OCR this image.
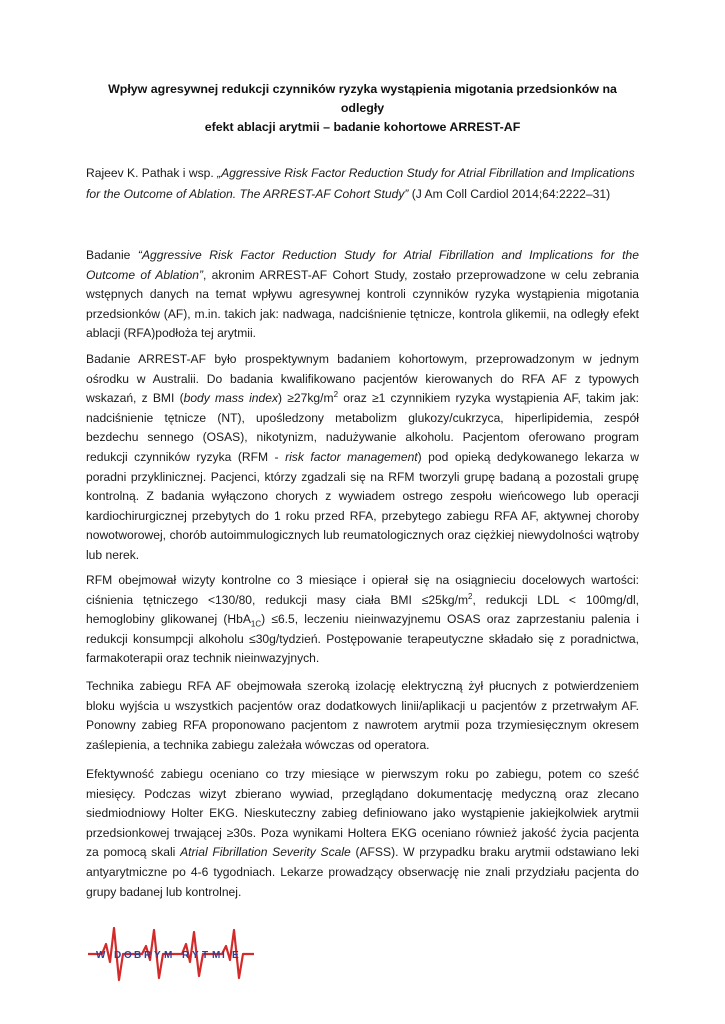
Wpływ agresywnej redukcji czynników ryzyka wystąpienia migotania przedsionków na odległy
efekt ablacji arytmii – badanie kohortowe ARREST-AF
Rajeev K. Pathak i wsp. „Aggressive Risk Factor Reduction Study for Atrial Fibrillation and Implications for the Outcome of Ablation. The ARREST-AF Cohort Study” (J Am Coll Cardiol 2014;64:2222–31)
Badanie “Aggressive Risk Factor Reduction Study for Atrial Fibrillation and Implications for the Outcome of Ablation”, akronim ARREST-AF Cohort Study, zostało przeprowadzone w celu zebrania wstępnych danych na temat wpływu agresywnej kontroli czynników ryzyka wystąpienia migotania przedsionków (AF), m.in. takich jak: nadwaga, nadciśnienie tętnicze, kontrola glikemii, na odległy efekt ablacji (RFA)podłoża tej arytmii.
Badanie ARREST-AF było prospektywnym badaniem kohortowym, przeprowadzonym w jednym ośrodku w Australii. Do badania kwalifikowano pacjentów kierowanych do RFA AF z typowych wskazań, z BMI (body mass index) $\ge 27kg/m^2$ oraz ≥1 czynnikiem ryzyka wystąpienia AF, takim jak: nadciśnienie tętnicze (NT), upośledzony metabolizm glukozy/cukrzyca, hiperlipidemia, zespół bezdechu sennego (OSAS), nikotynizm, nadużywanie alkoholu. Pacjentom oferowano program redukcji czynników ryzyka (RFM - risk factor management) pod opieką dedykowanego lekarza w poradni przyklinicznej. Pacjenci, którzy zgadzali się na RFM tworzyli grupę badaną a pozostali grupę kontrolną. Z badania wyłączono chorych z wywiadem ostrego zespołu wieńcowego lub operacji kardiochirurgicznej przebytych do 1 roku przed RFA, przebytego zabiegu RFA AF, aktywnej choroby nowotworowej, chorób autoimmulogicznych lub reumatologicznych oraz ciężkiej niewydolności wątroby lub nerek.
RFM obejmował wizyty kontrolne co 3 miesiące i opierał się na osiągnieciu docelowych wartości: ciśnienia tętniczego <130/80, redukcji masy ciała BMI $\le 25kg/m^2$, redukcji LDL < 100mg/dl, hemoglobiny glikowanej (HbA$_{1C}$) ≤6.5, leczeniu nieinwazyjnemu OSAS oraz zaprzestaniu palenia i redukcji konsumpcji alkoholu ≤30g/tydzień. Postępowanie terapeutyczne składało się z poradnictwa, farmakoterapii oraz technik nieinwazyjnych.
Technika zabiegu RFA AF obejmowała szeroką izolację elektryczną żył płucnych z potwierdzeniem bloku wyjścia u wszystkich pacjentów oraz dodatkowych linii/aplikacji u pacjentów z przetrwałym AF. Ponowny zabieg RFA proponowano pacjentom z nawrotem arytmii poza trzymiesięcznym okresem zaślepienia, a technika zabiegu zależała wówczas od operatora.
Efektywność zabiegu oceniano co trzy miesiące w pierwszym roku po zabiegu, potem co sześć miesięcy. Podczas wizyt zbierano wywiad, przeglądano dokumentację medyczną oraz zlecano siedmiodniowy Holter EKG. Nieskuteczny zabieg definiowano jako wystąpienie jakiejkolwiek arytmii przedsionkowej trwającej ≥30s. Poza wynikami Holtera EKG oceniano również jakość życia pacjenta za pomocą skali Atrial Fibrillation Severity Scale (AFSS). W przypadku braku arytmii odstawiano leki antyarytmiczne po 4-6 tygodniach. Lekarze prowadzący obserwację nie znali przydziału pacjenta do grupy badanej lub kontrolnej.
W D O B R Y M R Y T M I E
